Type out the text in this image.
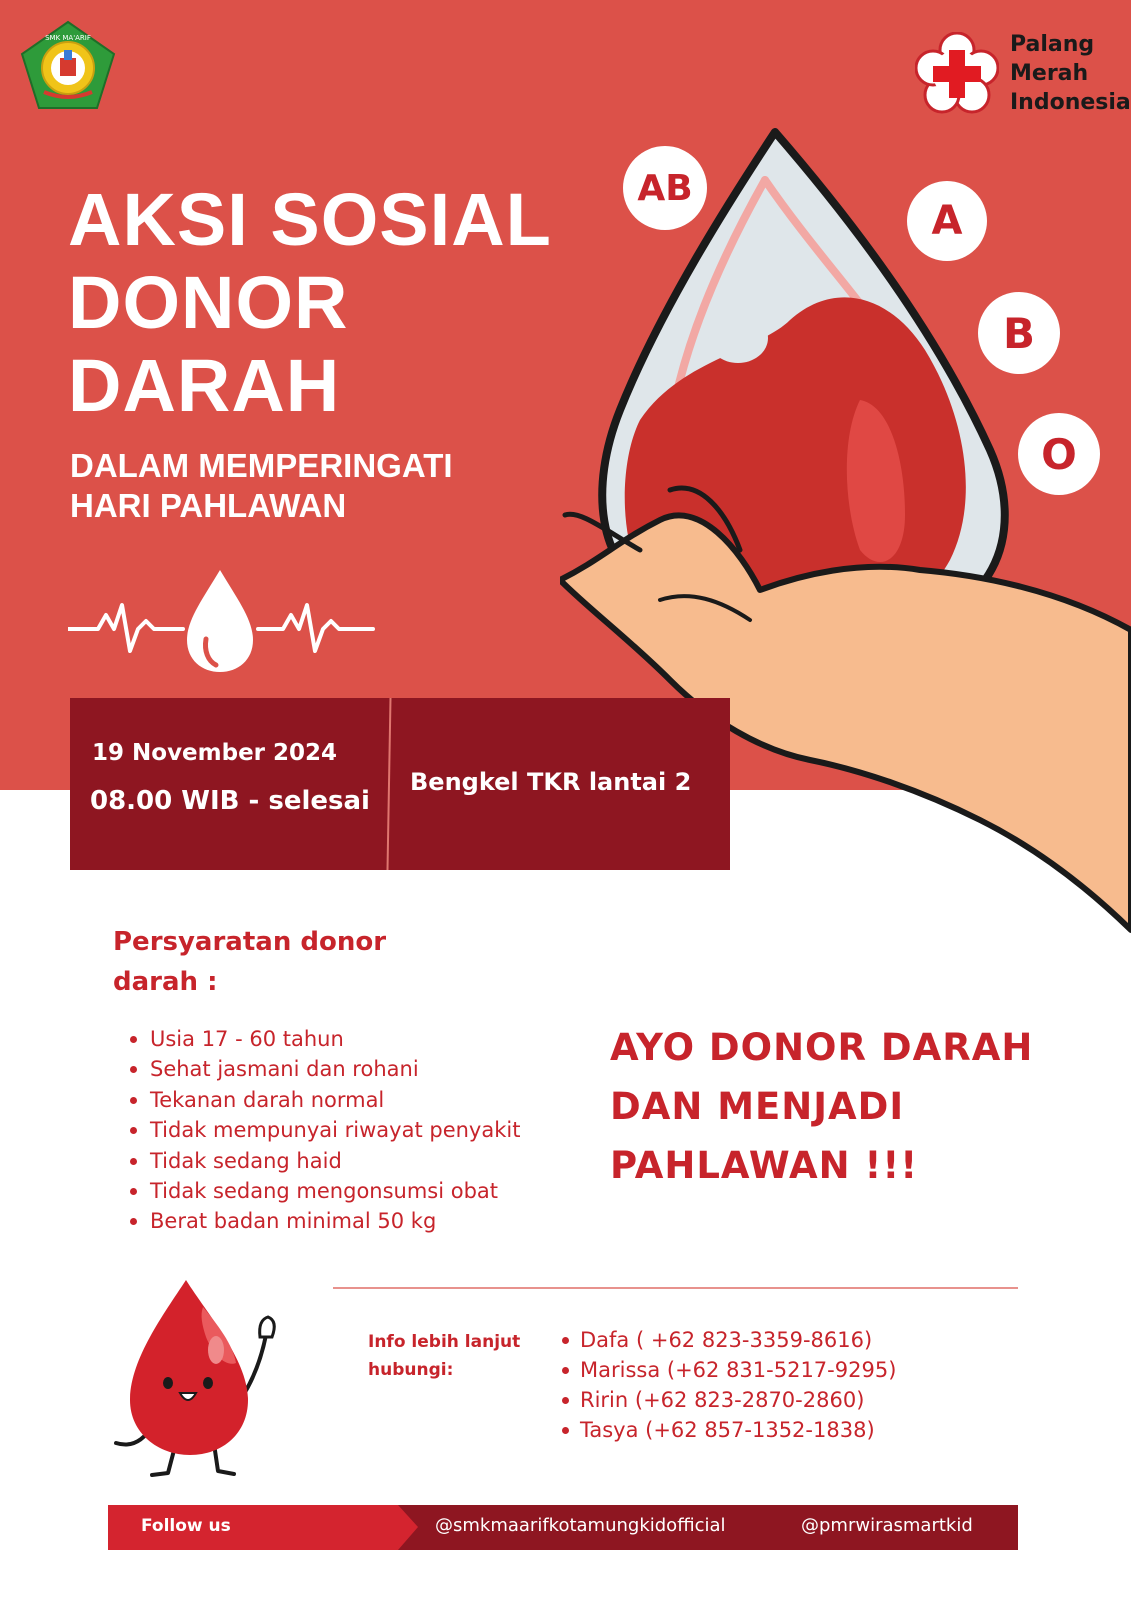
SMK MA'ARIF	Palang
Merah
Indonesia
AB
A
B
O
AKSI SOSIAL
DONOR
DARAH
DALAM MEMPERINGATI
HARI PAHLAWAN
19 November 2024
08.00 WIB - selesai
Bengkel TKR lantai 2
Persyaratan donor
darah :
Usia 17 - 60 tahun
Sehat jasmani dan rohani
Tekanan darah normal
Tidak mempunyai riwayat penyakit
Tidak sedang haid
Tidak sedang mengonsumsi obat
Berat badan minimal 50 kg
AYO DONOR DARAH
DAN MENJADI
PAHLAWAN !!!
Info lebih lanjut
hubungi:
Dafa ( +62 823-3359-8616)
Marissa (+62 831-5217-9295)
Ririn (+62 823-2870-2860)
Tasya (+62 857-1352-1838)
Follow us	@smkmaarifkotamungkidofficial	@pmrwirasmartkid
